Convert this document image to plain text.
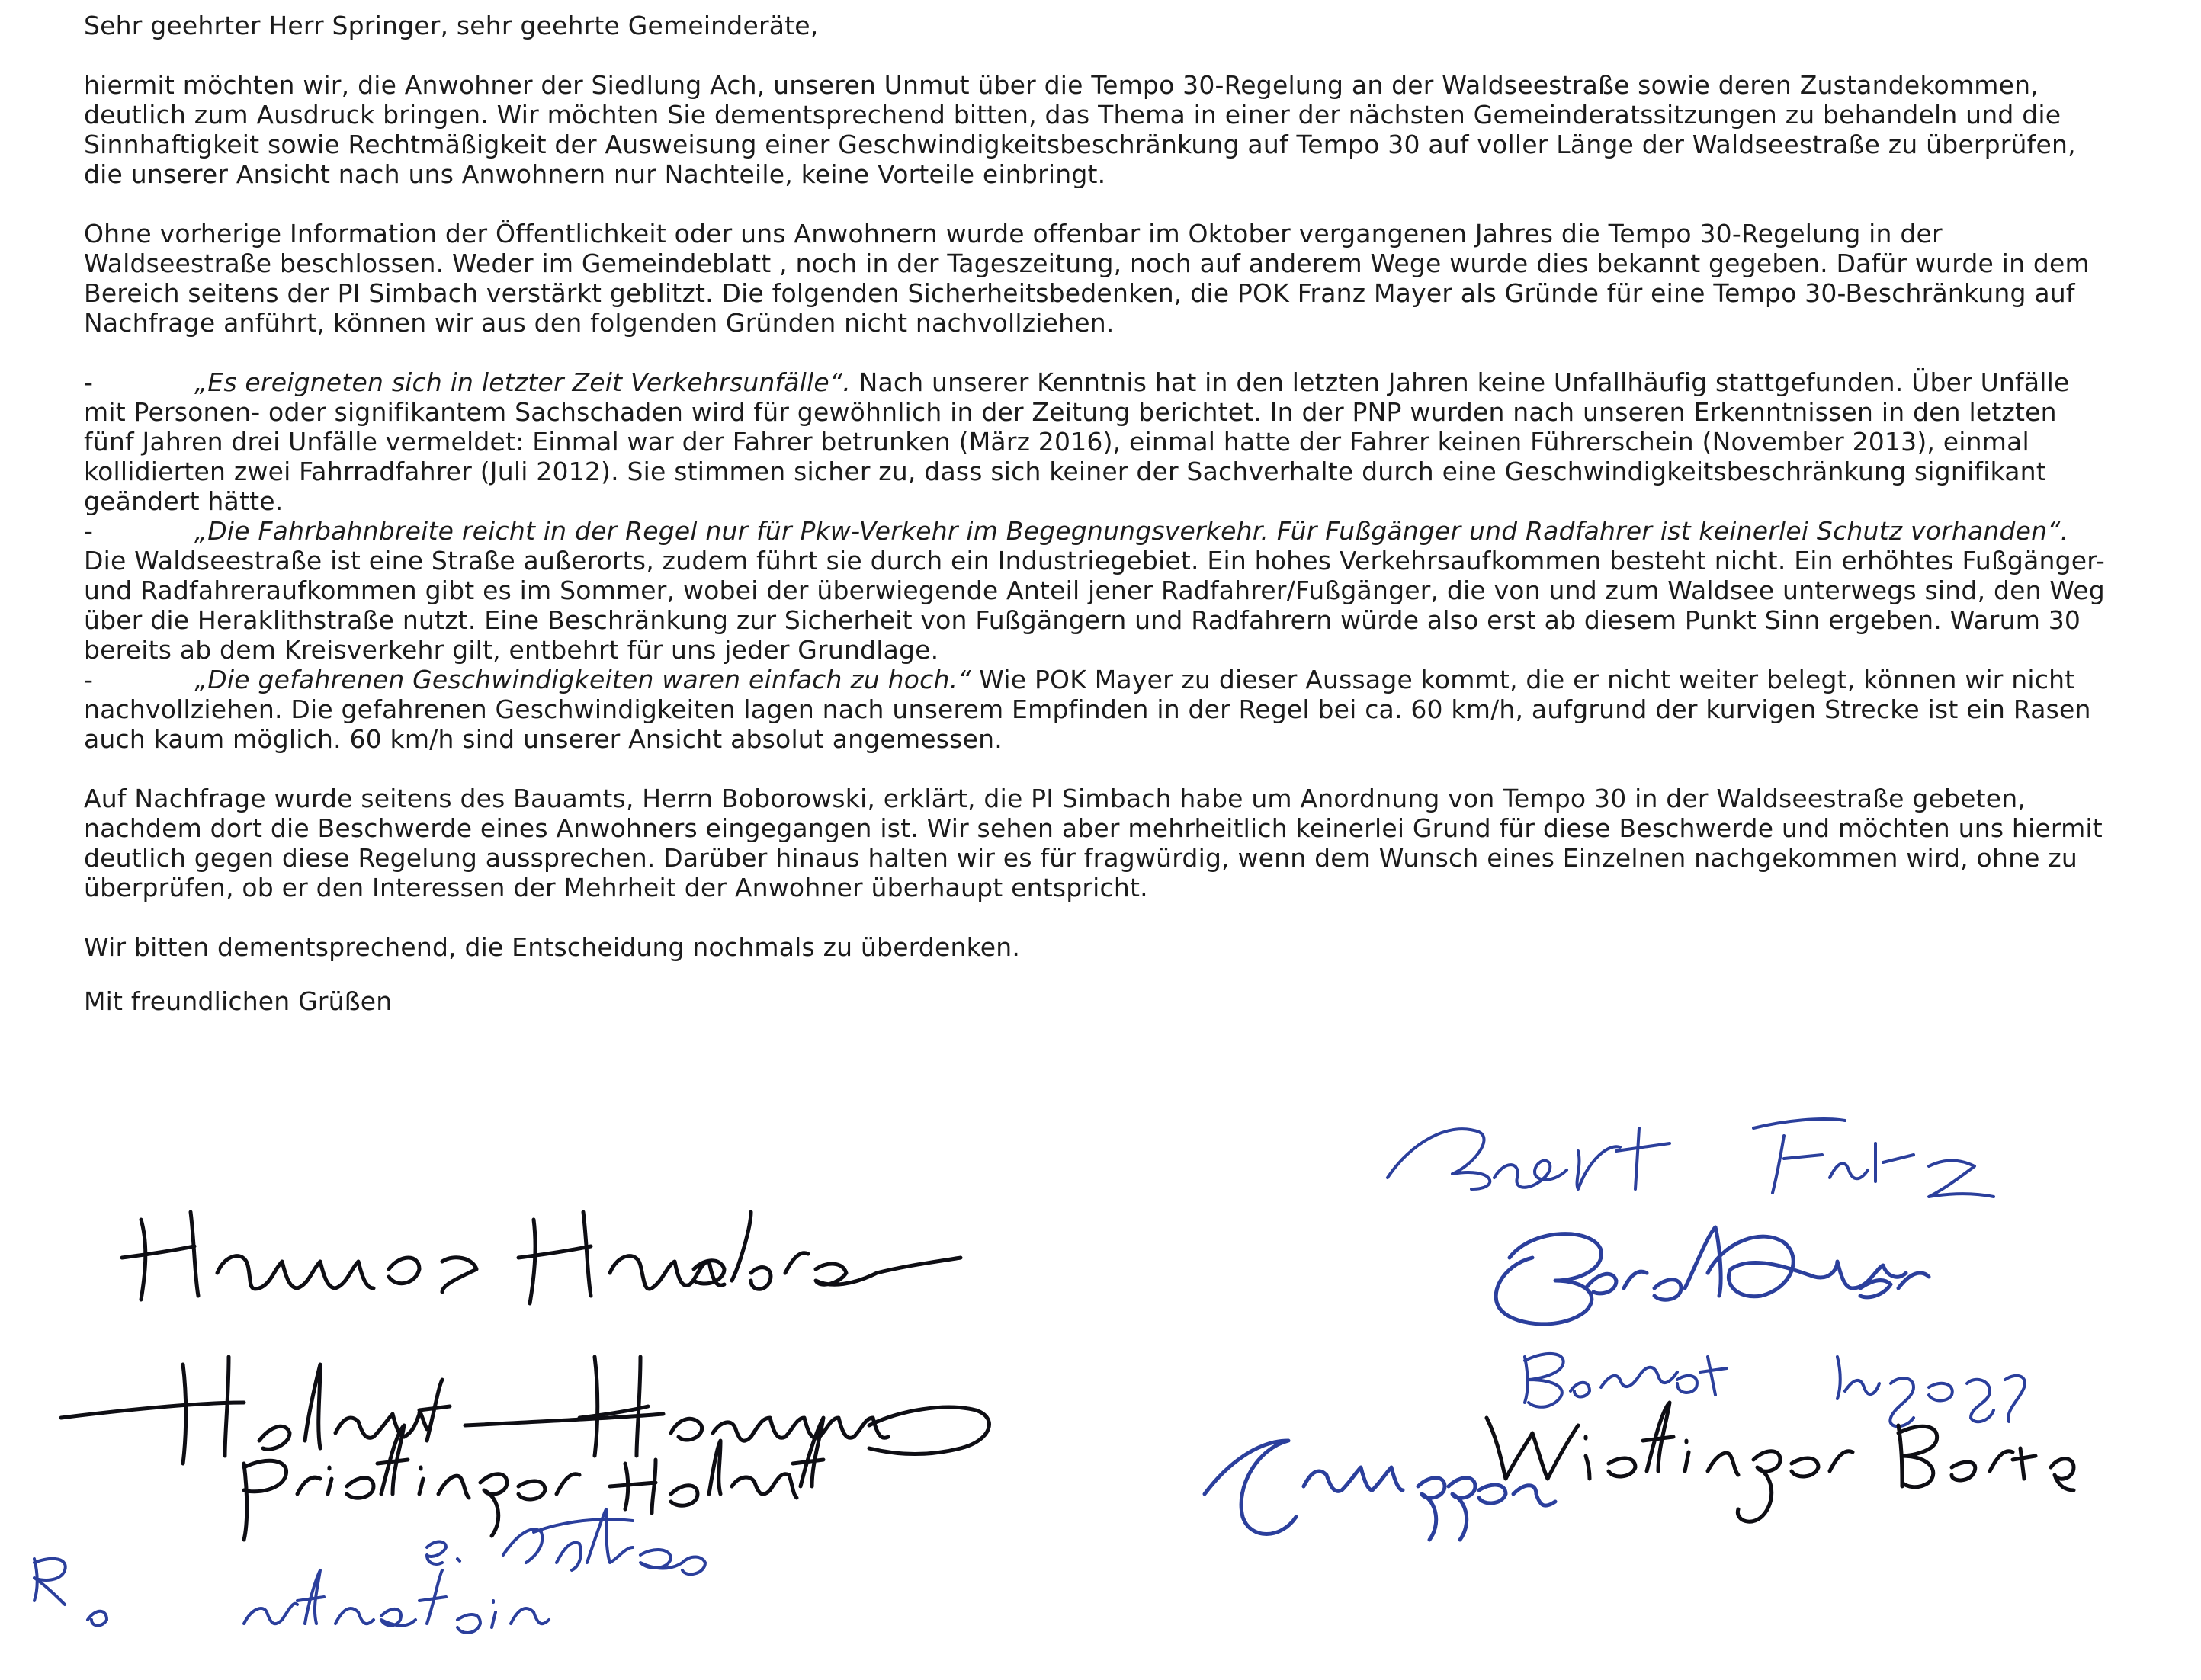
Sehr geehrter Herr Springer, sehr geehrte Gemeinderäte,

hiermit möchten wir, die Anwohner der Siedlung Ach, unseren Unmut über die Tempo 30-Regelung an der Waldseestraße sowie deren Zustandekommen, deutlich zum Ausdruck bringen. Wir möchten Sie dementsprechend bitten, das Thema in einer der nächsten Gemeinderatssitzungen zu behandeln und die Sinnhaftigkeit sowie Rechtmäßigkeit der Ausweisung einer Geschwindigkeitsbeschränkung auf Tempo 30 auf voller Länge der Waldseestraße zu überprüfen, die unserer Ansicht nach uns Anwohnern nur Nachteile, keine Vorteile einbringt.

Ohne vorherige Information der Öffentlichkeit oder uns Anwohnern wurde offenbar im Oktober vergangenen Jahres die Tempo 30-Regelung in der Waldseestraße beschlossen. Weder im Gemeindeblatt , noch in der Tageszeitung, noch auf anderem Wege wurde dies bekannt gegeben. Dafür wurde in dem Bereich seitens der PI Simbach verstärkt geblitzt. Die folgenden Sicherheitsbedenken, die POK Franz Mayer als Gründe für eine Tempo 30-Beschränkung auf Nachfrage anführt, können wir aus den folgenden Gründen nicht nachvollziehen.

-	„Es ereigneten sich in letzter Zeit Verkehrsunfälle“. Nach unserer Kenntnis hat in den letzten Jahren keine Unfallhäufig stattgefunden. Über Unfälle mit Personen- oder signifikantem Sachschaden wird für gewöhnlich in der Zeitung berichtet. In der PNP wurden nach unseren Erkenntnissen in den letzten fünf Jahren drei Unfälle vermeldet: Einmal war der Fahrer betrunken (März 2016), einmal hatte der Fahrer keinen Führerschein (November 2013), einmal kollidierten zwei Fahrradfahrer (Juli 2012). Sie stimmen sicher zu, dass sich keiner der Sachverhalte durch eine Geschwindigkeitsbeschränkung signifikant geändert hätte.

-	„Die Fahrbahnbreite reicht in der Regel nur für Pkw-Verkehr im Begegnungsverkehr. Für Fußgänger und Radfahrer ist keinerlei Schutz vorhanden“. Die Waldseestraße ist eine Straße außerorts, zudem führt sie durch ein Industriegebiet. Ein hohes Verkehrsaufkommen besteht nicht. Ein erhöhtes Fußgänger- und Radfahreraufkommen gibt es im Sommer, wobei der überwiegende Anteil jener Radfahrer/Fußgänger, die von und zum Waldsee unterwegs sind, den Weg über die Heraklithstraße nutzt. Eine Beschränkung zur Sicherheit von Fußgängern und Radfahrern würde also erst ab diesem Punkt Sinn ergeben. Warum 30 bereits ab dem Kreisverkehr gilt, entbehrt für uns jeder Grundlage.

-	„Die gefahrenen Geschwindigkeiten waren einfach zu hoch.“ Wie POK Mayer zu dieser Aussage kommt, die er nicht weiter belegt, können wir nicht nachvollziehen. Die gefahrenen Geschwindigkeiten lagen nach unserem Empfinden in der Regel bei ca. 60 km/h, aufgrund der kurvigen Strecke ist ein Rasen auch kaum möglich. 60 km/h sind unserer Ansicht absolut angemessen.

Auf Nachfrage wurde seitens des Bauamts, Herrn Boborowski, erklärt, die PI Simbach habe um Anordnung von Tempo 30 in der Waldseestraße gebeten, nachdem dort die Beschwerde eines Anwohners eingegangen ist. Wir sehen aber mehrheitlich keinerlei Grund für diese Beschwerde und möchten uns hiermit deutlich gegen diese Regelung aussprechen. Darüber hinaus halten wir es für fragwürdig, wenn dem Wunsch eines Einzelnen nachgekommen wird, ohne zu überprüfen, ob er den Interessen der Mehrheit der Anwohner überhaupt entspricht.

Wir bitten dementsprechend, die Entscheidung nochmals zu überdenken.

Mit freundlichen Grüßen
